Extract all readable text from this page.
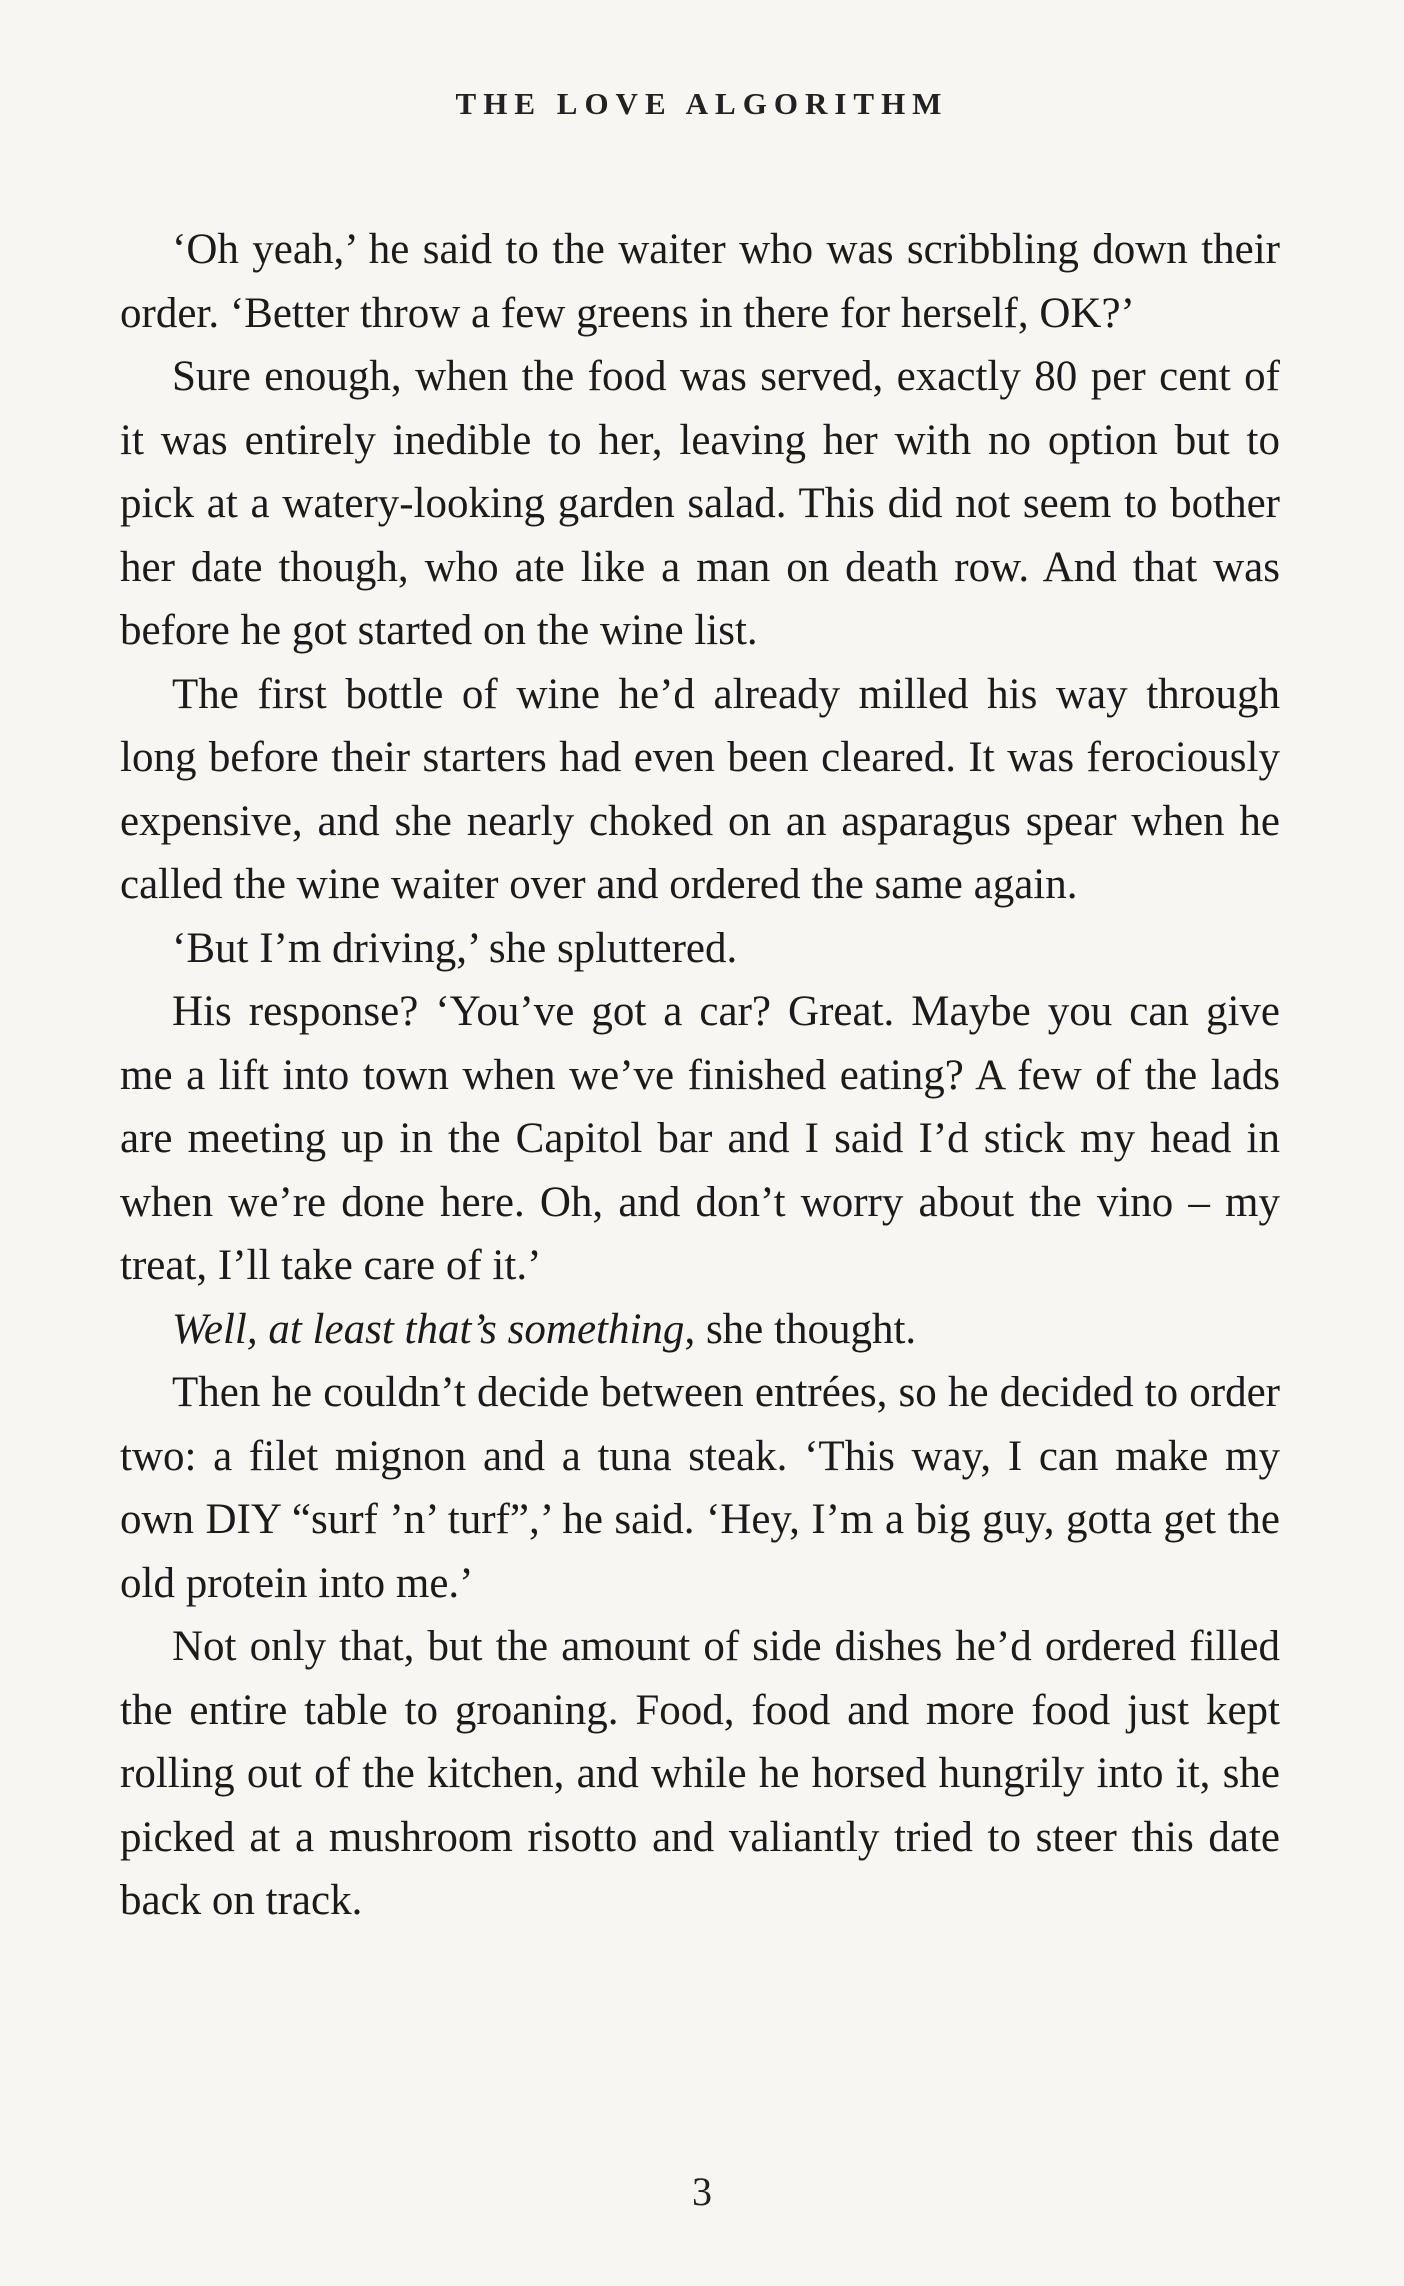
THE LOVE ALGORITHM

‘Oh yeah,’ he said to the waiter who was scribbling down their order. ‘Better throw a few greens in there for herself, OK?’

Sure enough, when the food was served, exactly 80 per cent of it was entirely inedible to her, leaving her with no option but to pick at a watery-looking garden salad. This did not seem to bother her date though, who ate like a man on death row. And that was before he got started on the wine list.

The first bottle of wine he’d already milled his way through long before their starters had even been cleared. It was ferociously expensive, and she nearly choked on an asparagus spear when he called the wine waiter over and ordered the same again.

‘But I’m driving,’ she spluttered.

His response? ‘You’ve got a car? Great. Maybe you can give me a lift into town when we’ve finished eating? A few of the lads are meeting up in the Capitol bar and I said I’d stick my head in when we’re done here. Oh, and don’t worry about the vino – my treat, I’ll take care of it.’

Well, at least that’s something, she thought.

Then he couldn’t decide between entrées, so he decided to order two: a filet mignon and a tuna steak. ‘This way, I can make my own DIY “surf ’n’ turf”,’ he said. ‘Hey, I’m a big guy, gotta get the old protein into me.’

Not only that, but the amount of side dishes he’d ordered filled the entire table to groaning. Food, food and more food just kept rolling out of the kitchen, and while he horsed hungrily into it, she picked at a mushroom risotto and valiantly tried to steer this date back on track.

3
